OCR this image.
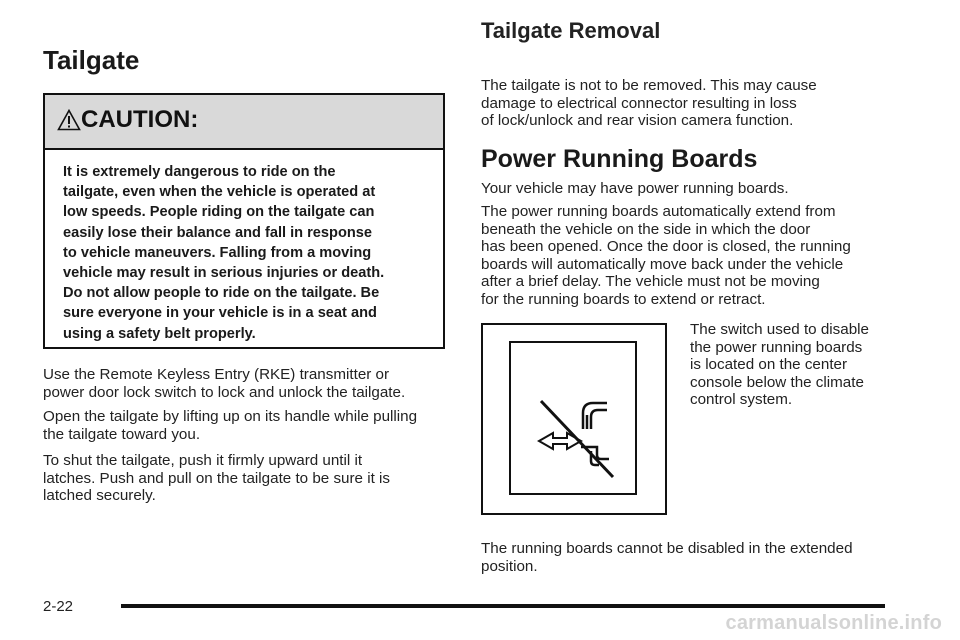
Tailgate
CAUTION:
It is extremely dangerous to ride on the
tailgate, even when the vehicle is operated at
low speeds. People riding on the tailgate can
easily lose their balance and fall in response
to vehicle maneuvers. Falling from a moving
vehicle may result in serious injuries or death.
Do not allow people to ride on the tailgate. Be
sure everyone in your vehicle is in a seat and
using a safety belt properly.

Use the Remote Keyless Entry (RKE) transmitter or
power door lock switch to lock and unlock the tailgate.

Open the tailgate by lifting up on its handle while pulling
the tailgate toward you.

To shut the tailgate, push it firmly upward until it
latches. Push and pull on the tailgate to be sure it is
latched securely.

Tailgate Removal

The tailgate is not to be removed. This may cause
damage to electrical connector resulting in loss
of lock/unlock and rear vision camera function.

Power Running Boards

Your vehicle may have power running boards.

The power running boards automatically extend from
beneath the vehicle on the side in which the door
has been opened. Once the door is closed, the running
boards will automatically move back under the vehicle
after a brief delay. The vehicle must not be moving
for the running boards to extend or retract.

The switch used to disable
the power running boards
is located on the center
console below the climate
control system.

The running boards cannot be disabled in the extended
position.

2-22
carmanualsonline.info
